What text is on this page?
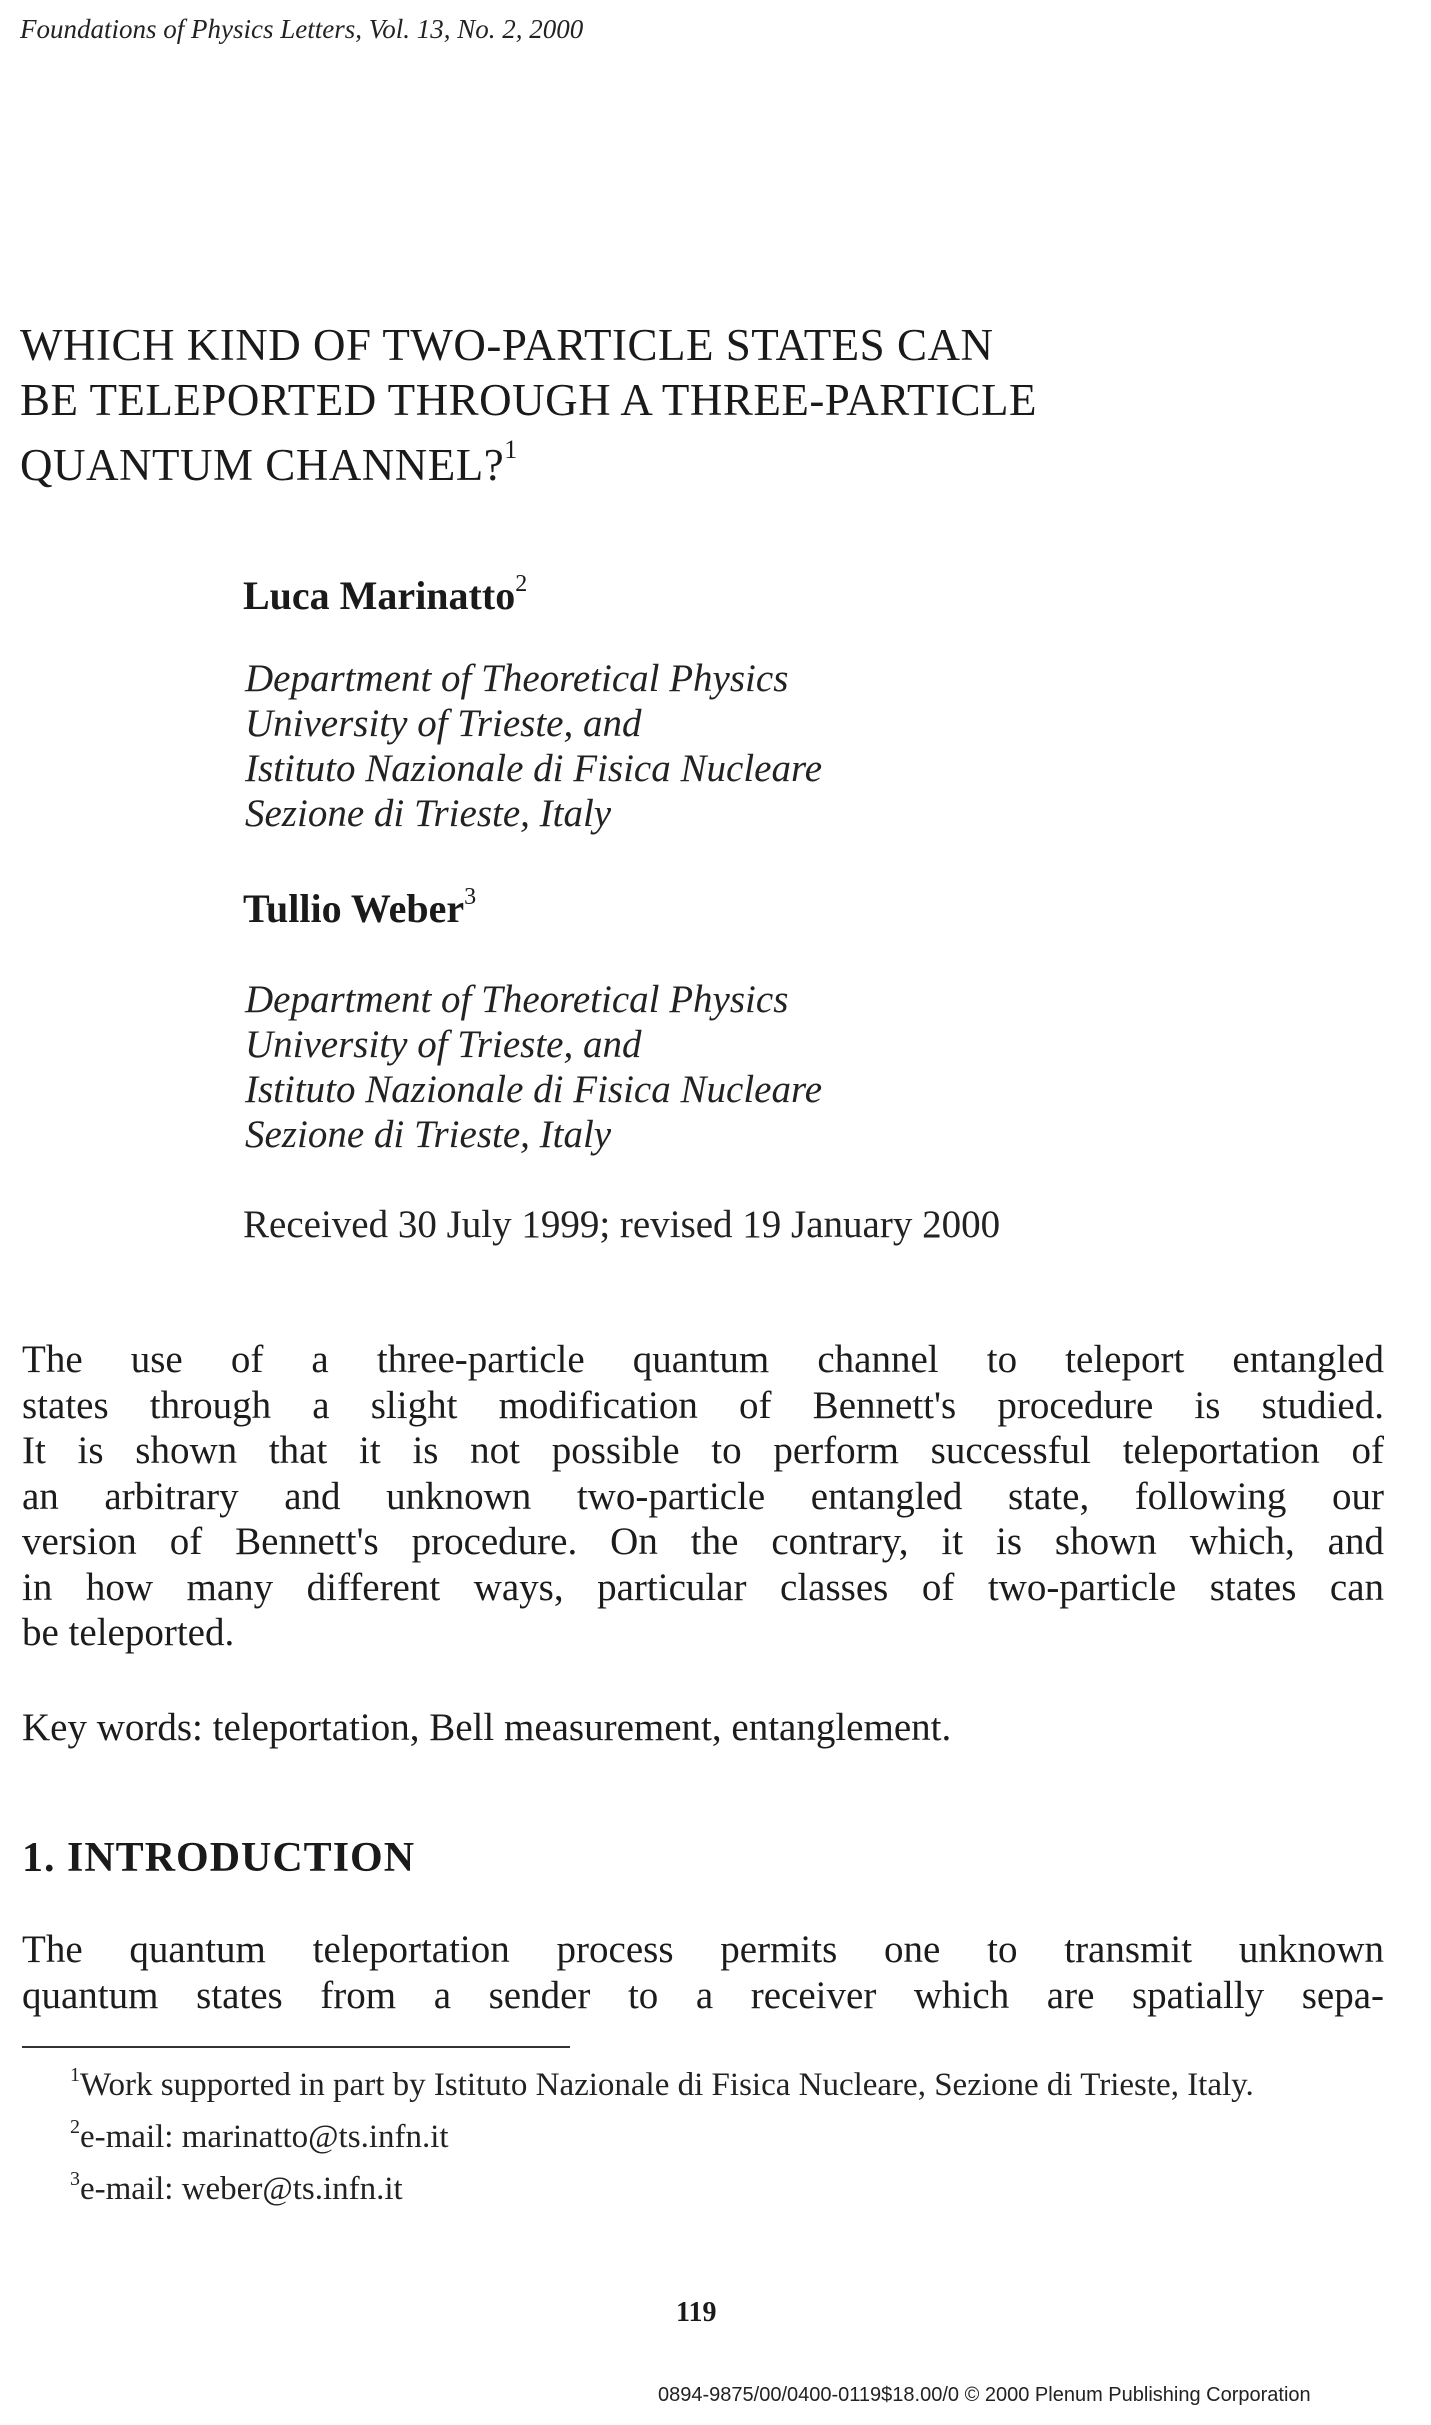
Foundations of Physics Letters, Vol. 13, No. 2, 2000
WHICH KIND OF TWO-PARTICLE STATES CAN
BE TELEPORTED THROUGH A THREE-PARTICLE
QUANTUM CHANNEL?$^1$
Luca Marinatto$^2$
Department of Theoretical Physics
University of Trieste, and
Istituto Nazionale di Fisica Nucleare
Sezione di Trieste, Italy
Tullio Weber$^3$
Department of Theoretical Physics
University of Trieste, and
Istituto Nazionale di Fisica Nucleare
Sezione di Trieste, Italy
Received 30 July 1999; revised 19 January 2000
The use of a three-particle quantum channel to teleport entangled
states through a slight modification of Bennett's procedure is studied.
It is shown that it is not possible to perform successful teleportation of
an arbitrary and unknown two-particle entangled state, following our
version of Bennett's procedure. On the contrary, it is shown which, and
in how many different ways, particular classes of two-particle states can
be teleported.
Key words: teleportation, Bell measurement, entanglement.
1. INTRODUCTION
The quantum teleportation process permits one to transmit unknown
quantum states from a sender to a receiver which are spatially sepa-
$^1$Work supported in part by Istituto Nazionale di Fisica Nucleare, Sezione di Trieste, Italy.
$^2$e-mail: marinatto@ts.infn.it
$^3$e-mail: weber@ts.infn.it
119
0894-9875/00/0400-0119$18.00/0 © 2000 Plenum Publishing Corporation
